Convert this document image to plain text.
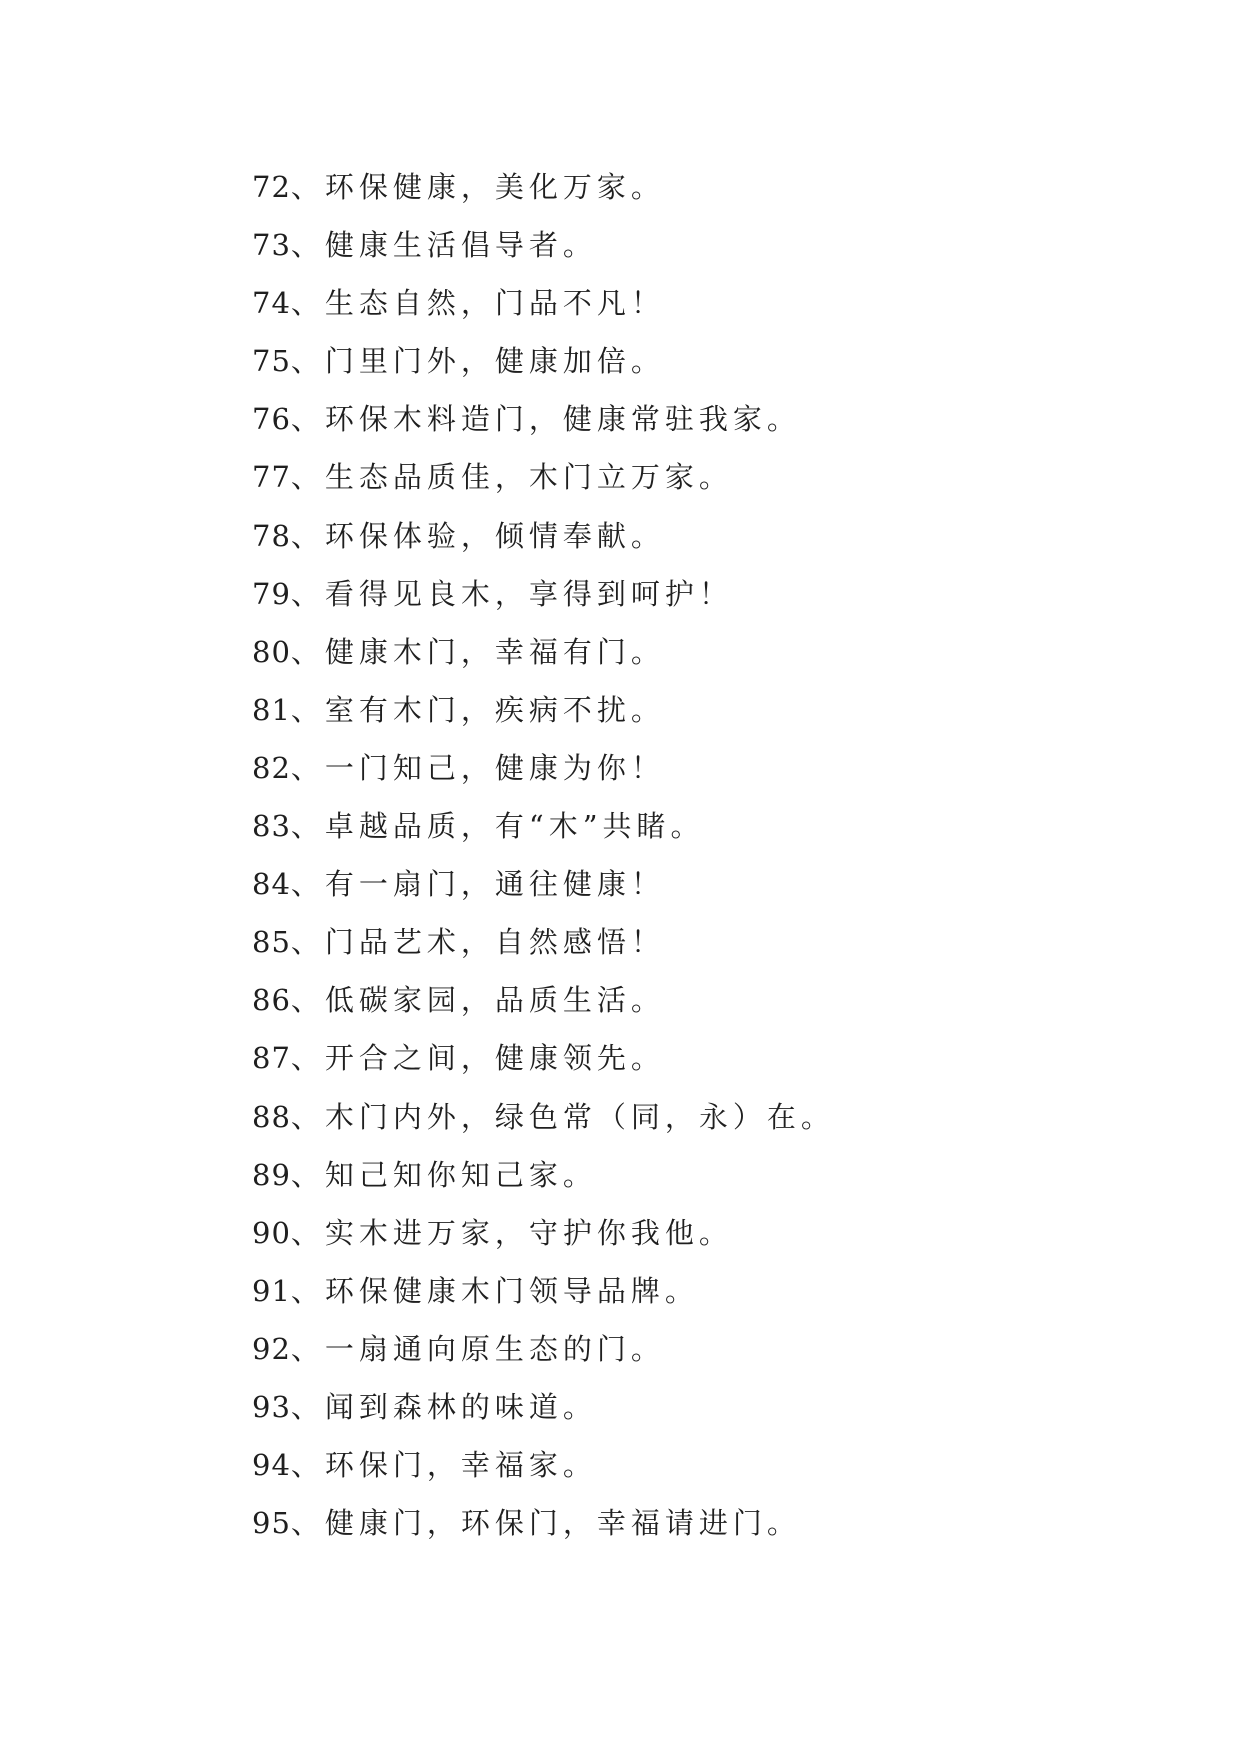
72、环保健康，美化万家。
73、健康生活倡导者。
74、生态自然，门品不凡！
75、门里门外，健康加倍。
76、环保木料造门，健康常驻我家。
77、生态品质佳，木门立万家。
78、环保体验，倾情奉献。
79、看得见良木，享得到呵护！
80、健康木门，幸福有门。
81、室有木门，疾病不扰。
82、一门知己，健康为你！
83、卓越品质，有“木”共睹。
84、有一扇门，通往健康！
85、门品艺术，自然感悟！
86、低碳家园，品质生活。
87、开合之间，健康领先。
88、木门内外，绿色常（同，永）在。
89、知己知你知己家。
90、实木进万家，守护你我他。
91、环保健康木门领导品牌。
92、一扇通向原生态的门。
93、闻到森林的味道。
94、环保门，幸福家。
95、健康门，环保门，幸福请进门。
